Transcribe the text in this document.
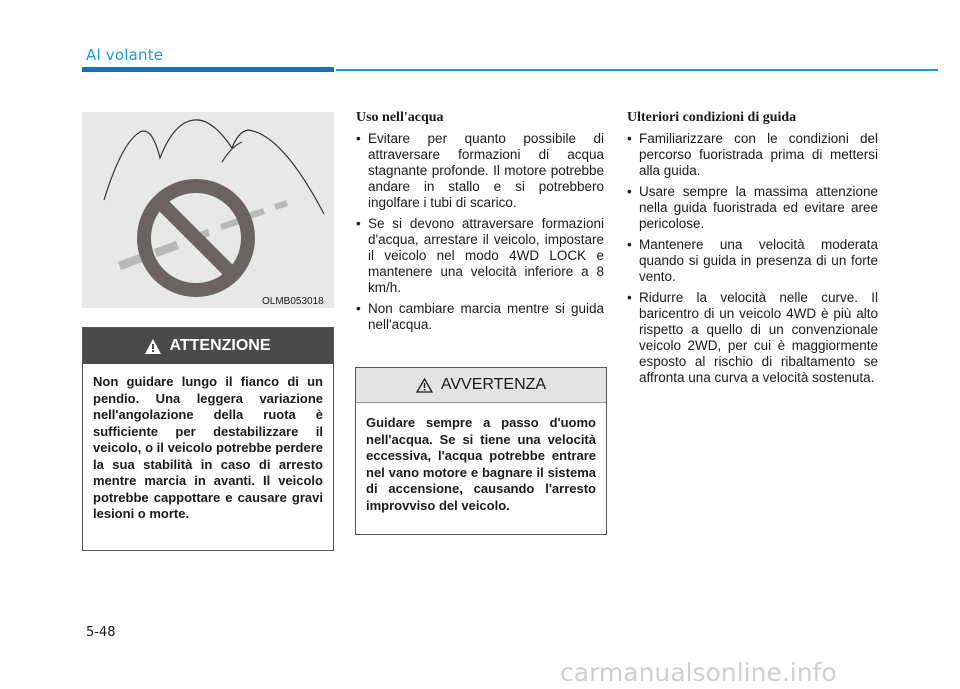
Al volante
OLMB053018
ATTENZIONE
Non guidare lungo il fianco di un pendio. Una leggera variazione nell'angolazione della ruota è sufficiente per destabilizzare il veicolo, o il veicolo potrebbe perdere la sua stabilità in caso di arresto mentre marcia in avanti. Il veicolo potrebbe cappottare e causare gravi lesioni o morte.
Uso nell'acqua
• Evitare per quanto possibile di attraversare formazioni di acqua stagnante profonde. Il motore potrebbe andare in stallo e si potrebbero ingolfare i tubi di scarico.
• Se si devono attraversare formazioni d'acqua, arrestare il veicolo, impostare il veicolo nel modo 4WD LOCK e mantenere una velocità inferiore a 8 km/h.
• Non cambiare marcia mentre si guida nell'acqua.
AVVERTENZA
Guidare sempre a passo d'uomo nell'acqua. Se si tiene una velocità eccessiva, l'acqua potrebbe entrare nel vano motore e bagnare il sistema di accensione, causando l'arresto improvviso del veicolo.
Ulteriori condizioni di guida
• Familiarizzare con le condizioni del percorso fuoristrada prima di mettersi alla guida.
• Usare sempre la massima attenzione nella guida fuoristrada ed evitare aree pericolose.
• Mantenere una velocità moderata quando si guida in presenza di un forte vento.
• Ridurre la velocità nelle curve. Il baricentro di un veicolo 4WD è più alto rispetto a quello di un convenzionale veicolo 2WD, per cui è maggiormente esposto al rischio di ribaltamento se affronta una curva a velocità sostenuta.
5-48
carmanualsonline.info
